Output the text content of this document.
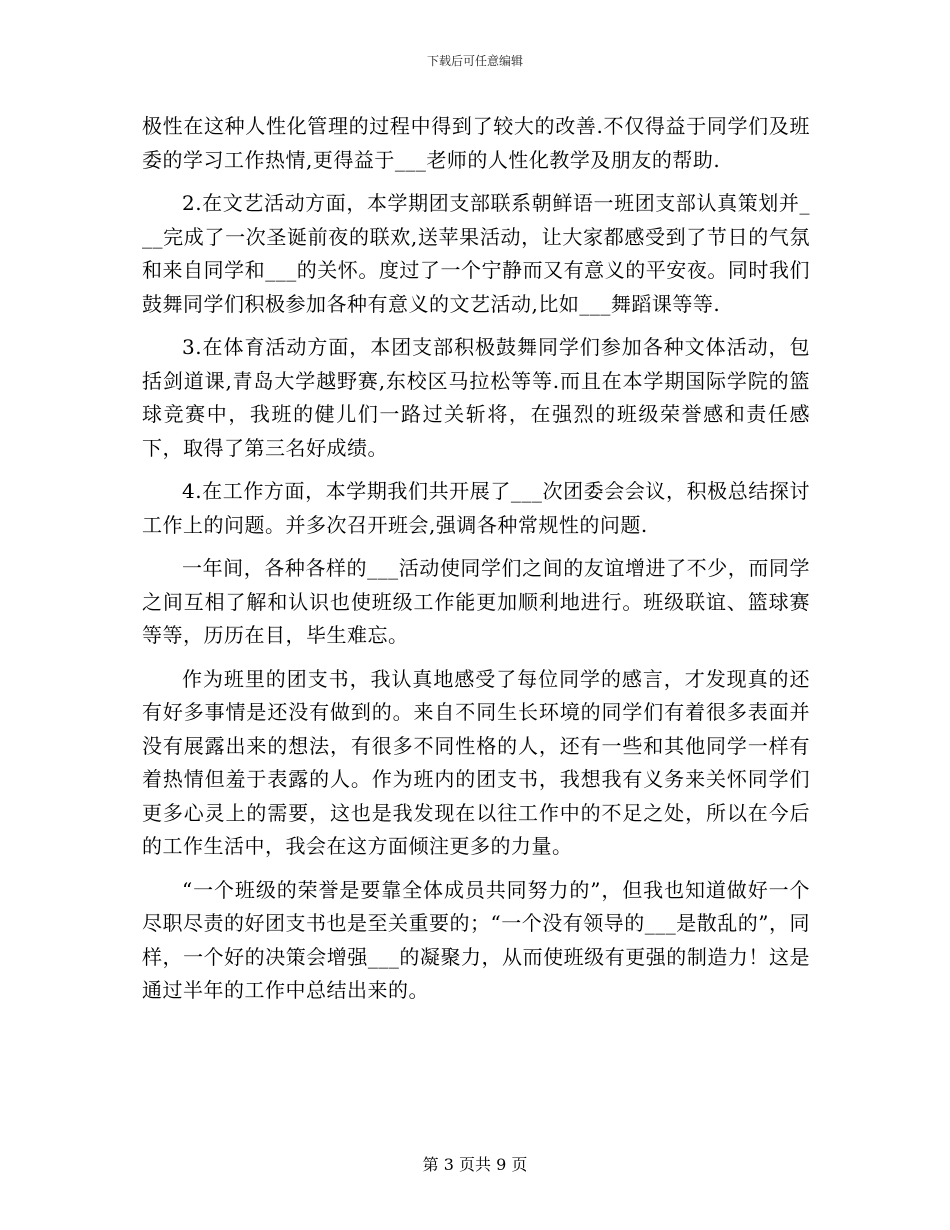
下载后可任意编辑

极性在这种人性化管理的过程中得到了较大的改善.不仅得益于同学们及班委的学习工作热情,更得益于___老师的人性化教学及朋友的帮助.

2.在文艺活动方面，本学期团支部联系朝鲜语一班团支部认真策划并___完成了一次圣诞前夜的联欢,送苹果活动，让大家都感受到了节日的气氛和来自同学和___的关怀。度过了一个宁静而又有意义的平安夜。同时我们鼓舞同学们积极参加各种有意义的文艺活动,比如___舞蹈课等等.

3.在体育活动方面，本团支部积极鼓舞同学们参加各种文体活动，包括剑道课,青岛大学越野赛,东校区马拉松等等.而且在本学期国际学院的篮球竞赛中，我班的健儿们一路过关斩将，在强烈的班级荣誉感和责任感下，取得了第三名好成绩。

4.在工作方面，本学期我们共开展了___次团委会会议，积极总结探讨工作上的问题。并多次召开班会,强调各种常规性的问题.

一年间，各种各样的___活动使同学们之间的友谊增进了不少，而同学之间互相了解和认识也使班级工作能更加顺利地进行。班级联谊、篮球赛等等，历历在目，毕生难忘。

作为班里的团支书，我认真地感受了每位同学的感言，才发现真的还有好多事情是还没有做到的。来自不同生长环境的同学们有着很多表面并没有展露出来的想法，有很多不同性格的人，还有一些和其他同学一样有着热情但羞于表露的人。作为班内的团支书，我想我有义务来关怀同学们更多心灵上的需要，这也是我发现在以往工作中的不足之处，所以在今后的工作生活中，我会在这方面倾注更多的力量。

“一个班级的荣誉是要靠全体成员共同努力的”，但我也知道做好一个尽职尽责的好团支书也是至关重要的；“一个没有领导的___是散乱的”，同样，一个好的决策会增强___的凝聚力，从而使班级有更强的制造力！这是通过半年的工作中总结出来的。

第 3 页共 9 页
